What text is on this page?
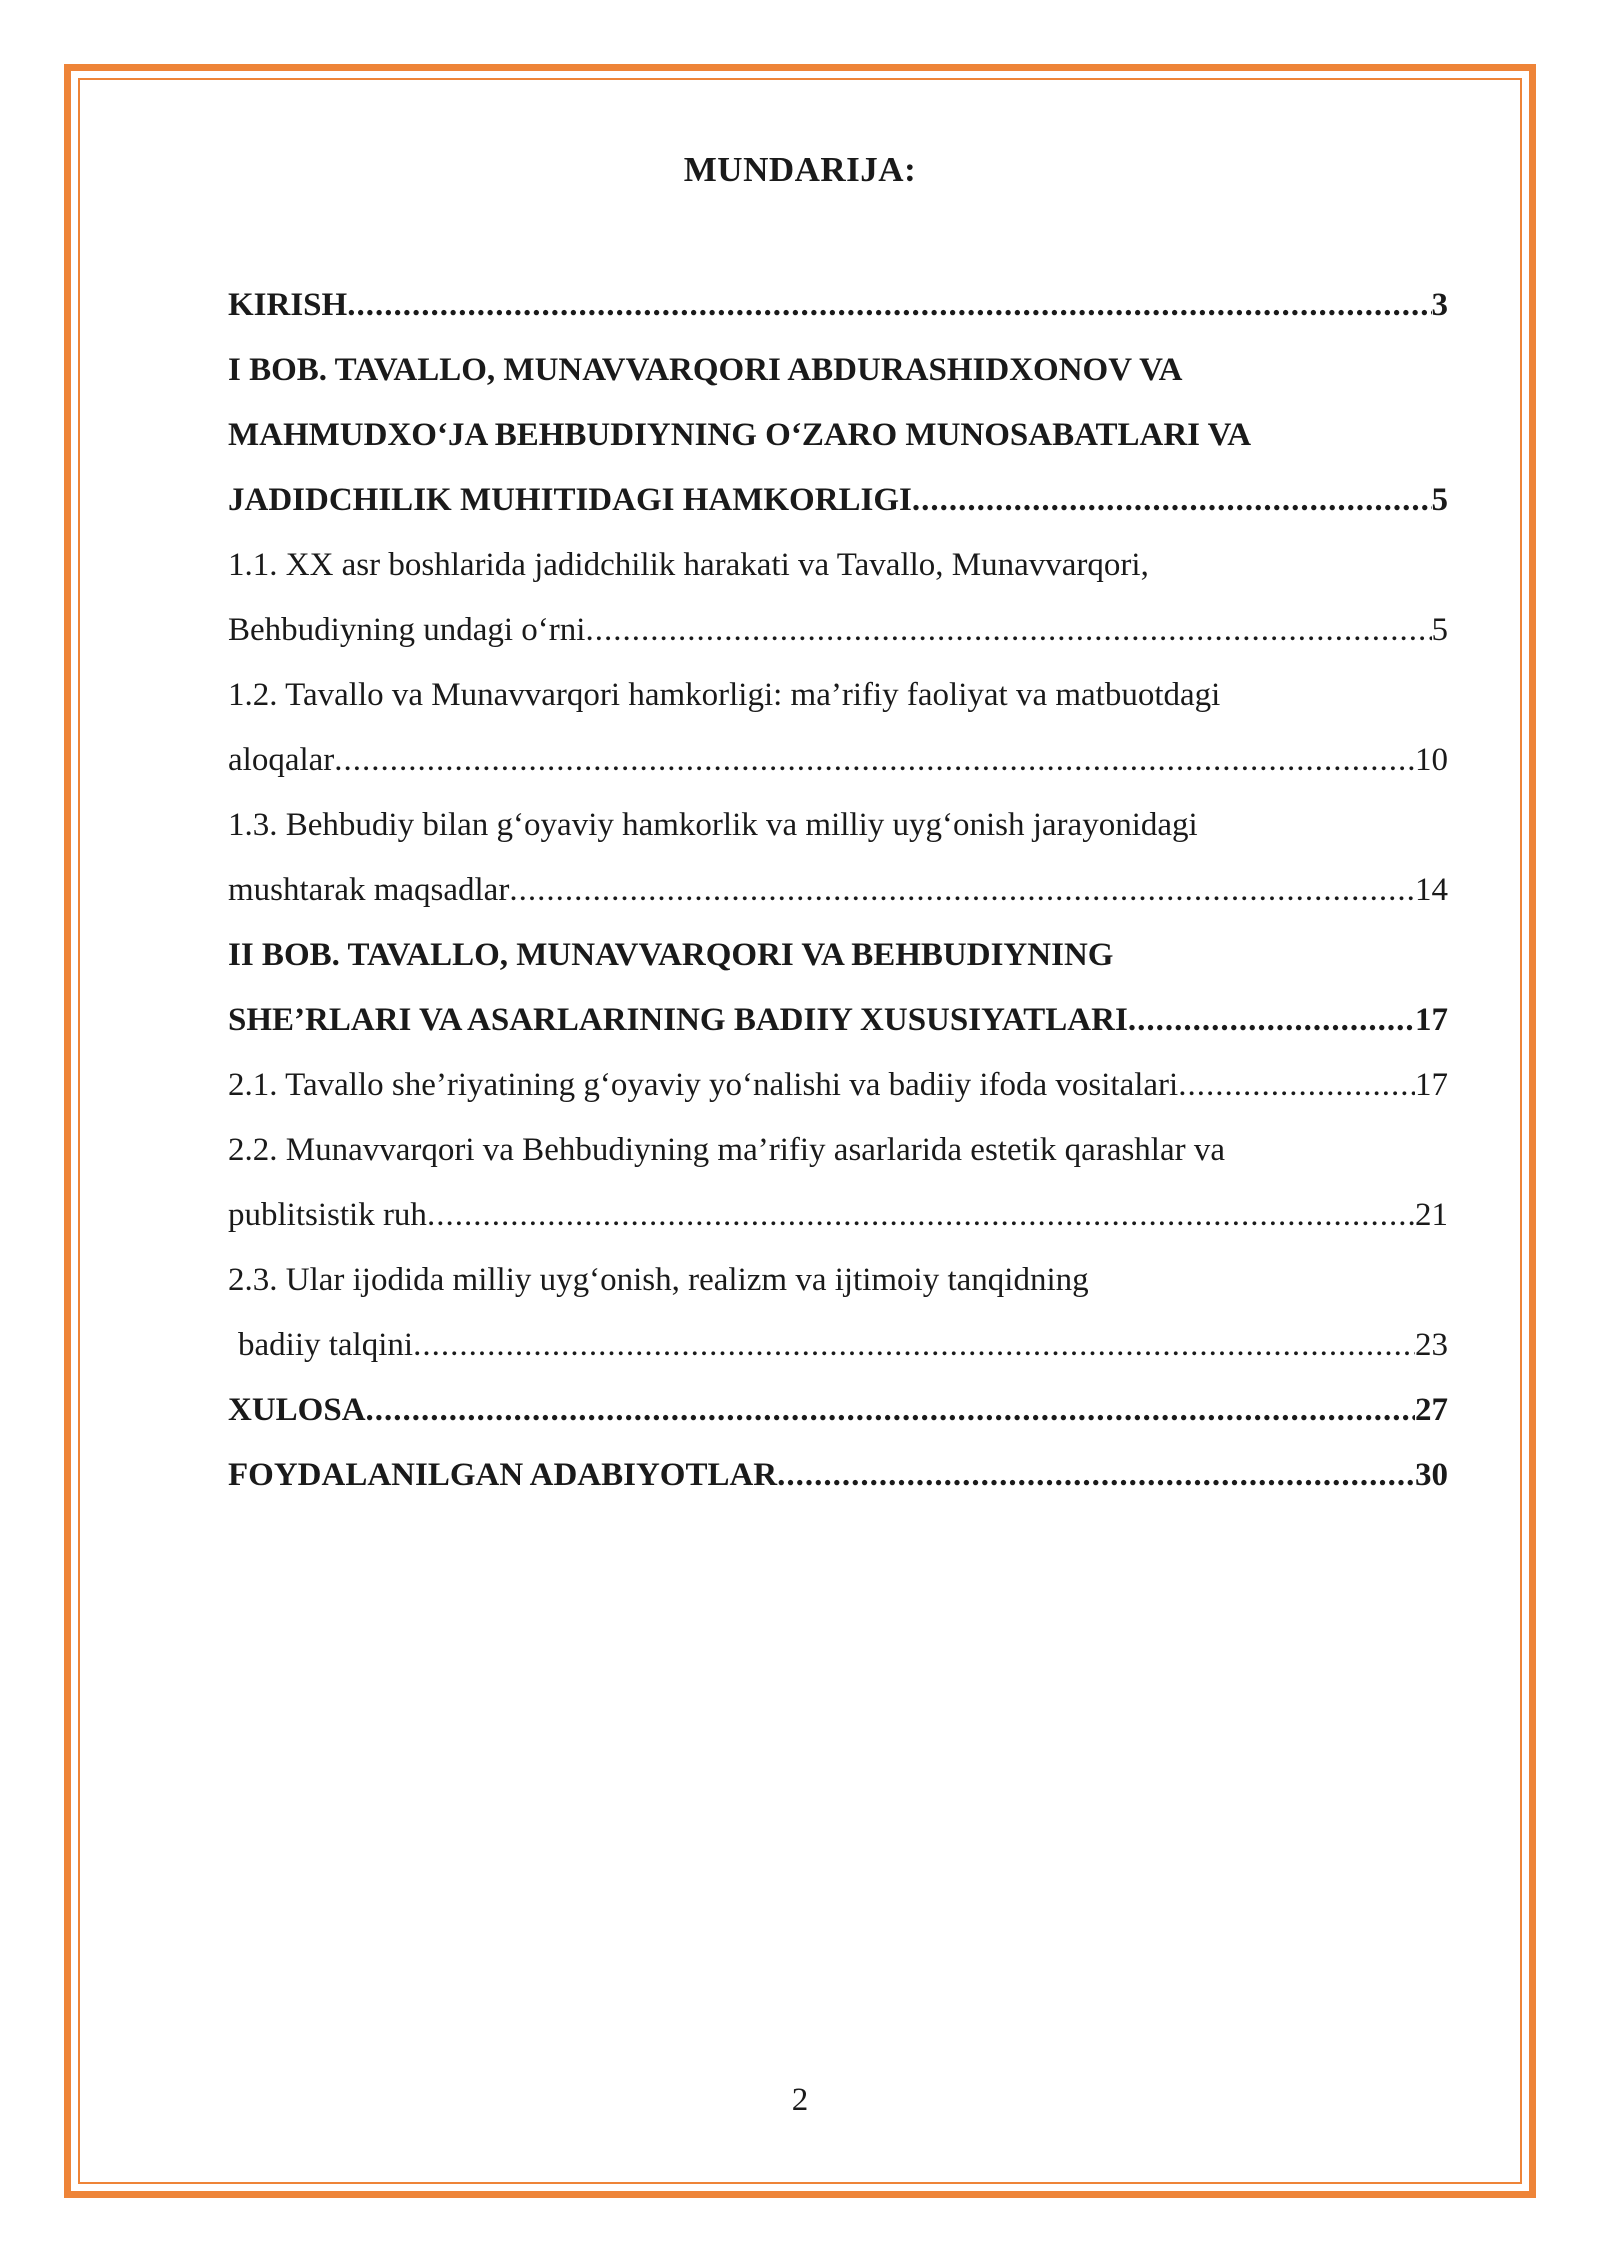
MUNDARIJA:
KIRISH .....	3
I BOB. TAVALLO, MUNAVVARQORI ABDURASHIDXONOV VA
MAHMUDXO‘JA BEHBUDIYNING O‘ZARO MUNOSABATLARI VA
JADIDCHILIK MUHITIDAGI HAMKORLIGI .....	5
1.1. XX asr boshlarida jadidchilik harakati va Tavallo, Munavvarqori,
Behbudiyning undagi o‘rni .....	5
1.2. Tavallo va Munavvarqori hamkorligi: ma’rifiy faoliyat va matbuotdagi
aloqalar .....	10
1.3. Behbudiy bilan g‘oyaviy hamkorlik va milliy uyg‘onish jarayonidagi
mushtarak maqsadlar .....	14
II BOB. TAVALLO, MUNAVVARQORI VA BEHBUDIYNING
SHE’RLARI VA ASARLARINING BADIIY XUSUSIYATLARI .....	17
2.1. Tavallo she’riyatining g‘oyaviy yo‘nalishi va badiiy ifoda vositalari .....	17
2.2. Munavvarqori va Behbudiyning ma’rifiy asarlarida estetik qarashlar va
publitsistik ruh .....	21
2.3. Ular ijodida milliy uyg‘onish, realizm va ijtimoiy tanqidning
badiiy talqini .....	23
XULOSA .....	27
FOYDALANILGAN ADABIYOTLAR .....	30
2
